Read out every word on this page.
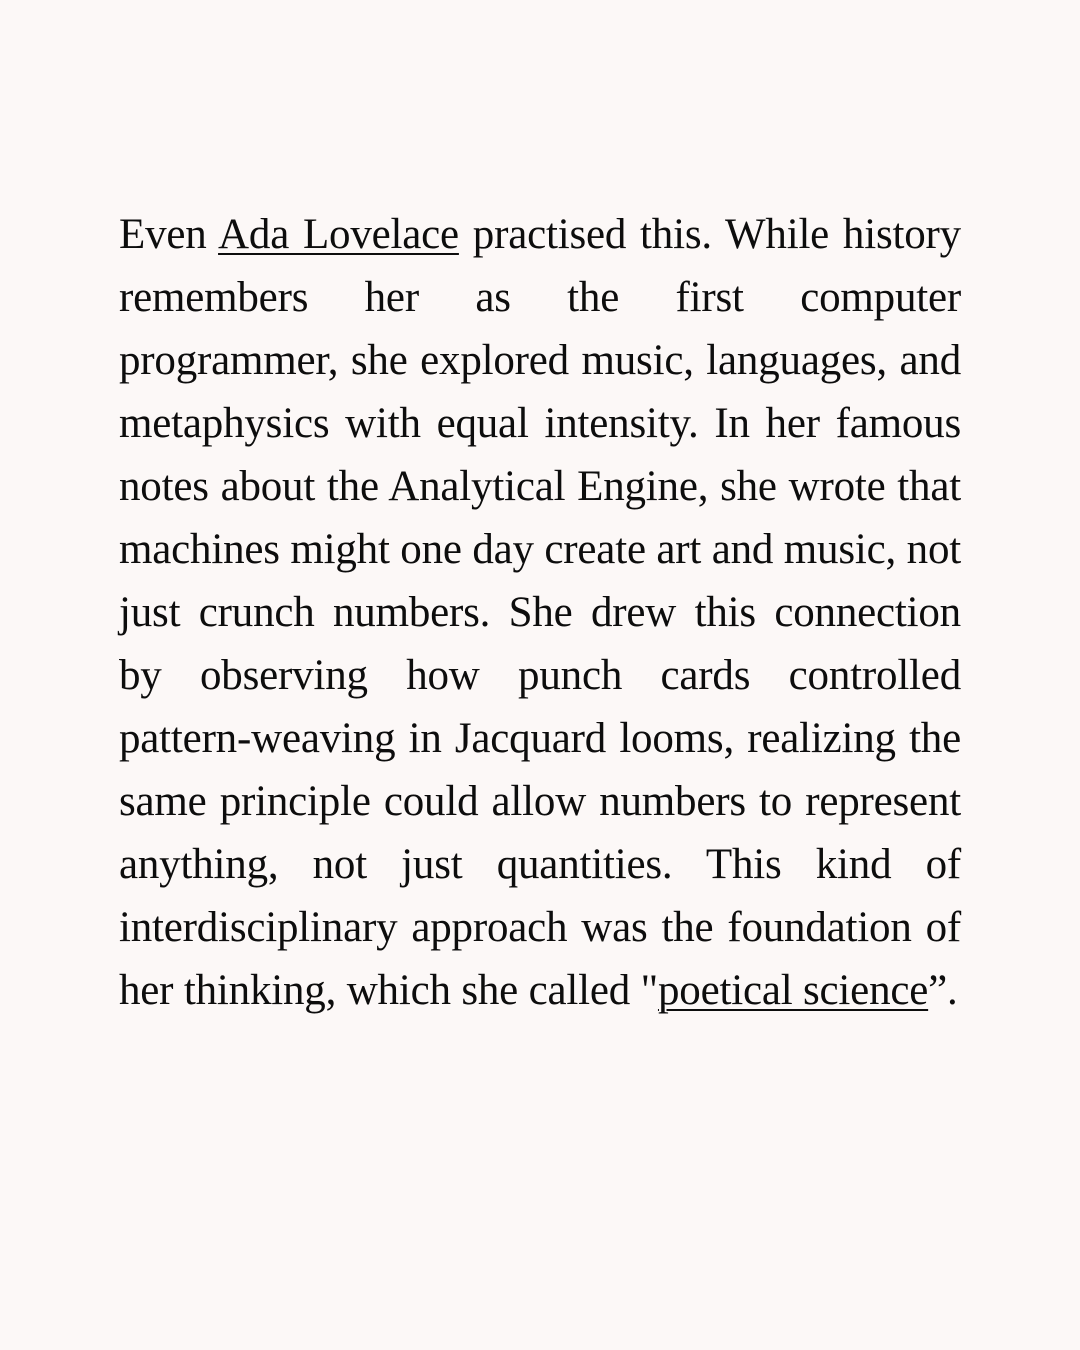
Even Ada Lovelace practised this. While history remembers her as the first computer programmer, she explored music, languages, and metaphysics with equal intensity. In her famous notes about the Analytical Engine, she wrote that machines might one day create art and music, not just crunch numbers. She drew this connection by observing how punch cards controlled pattern-weaving in Jacquard looms, realizing the same principle could allow numbers to represent anything, not just quantities. This kind of interdisciplinary approach was the foundation of her thinking, which she called "poetical science”.
